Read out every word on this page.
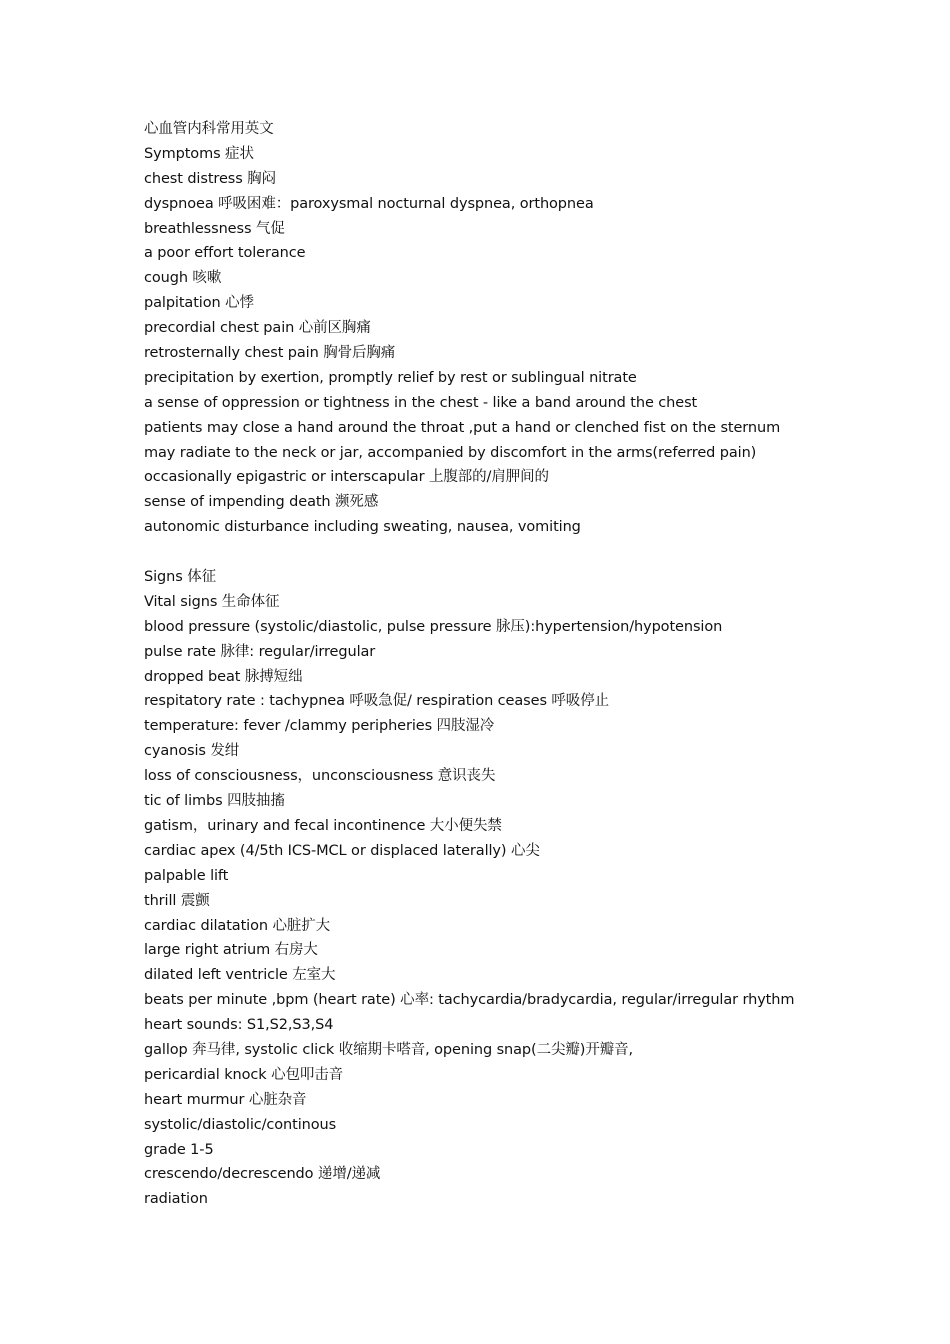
心血管内科常用英文
Symptoms 症状
chest distress 胸闷
dyspnoea 呼吸困难：paroxysmal nocturnal dyspnea, orthopnea
breathlessness 气促
a poor effort tolerance
cough 咳嗽
palpitation 心悸
precordial chest pain 心前区胸痛
retrosternally chest pain 胸骨后胸痛
precipitation by exertion, promptly relief by rest or sublingual nitrate
a sense of oppression or tightness in the chest - like a band around the chest
patients may close a hand around the throat ,put a hand or clenched fist on the sternum
may radiate to the neck or jar, accompanied by discomfort in the arms(referred pain)
occasionally epigastric or interscapular 上腹部的/肩胛间的
sense of impending death 濒死感
autonomic disturbance including sweating, nausea, vomiting
Signs 体征
Vital signs 生命体征
blood pressure (systolic/diastolic, pulse pressure 脉压):hypertension/hypotension
pulse rate 脉律: regular/irregular
dropped beat 脉搏短绌
respitatory rate : tachypnea 呼吸急促/ respiration ceases 呼吸停止
temperature: fever /clammy peripheries 四肢湿冷
cyanosis 发绀
loss of consciousness，unconsciousness 意识丧失
tic of limbs 四肢抽搐
gatism，urinary and fecal incontinence 大小便失禁
cardiac apex (4/5th ICS-MCL or displaced laterally) 心尖
palpable lift
thrill 震颤
cardiac dilatation 心脏扩大
large right atrium 右房大
dilated left ventricle 左室大
beats per minute ,bpm (heart rate) 心率: tachycardia/bradycardia, regular/irregular rhythm
heart sounds: S1,S2,S3,S4
gallop 奔马律, systolic click 收缩期卡嗒音, opening snap(二尖瓣)开瓣音,
pericardial knock 心包叩击音
heart murmur 心脏杂音
systolic/diastolic/continous
grade 1-5
crescendo/decrescendo 递增/递减
radiation
